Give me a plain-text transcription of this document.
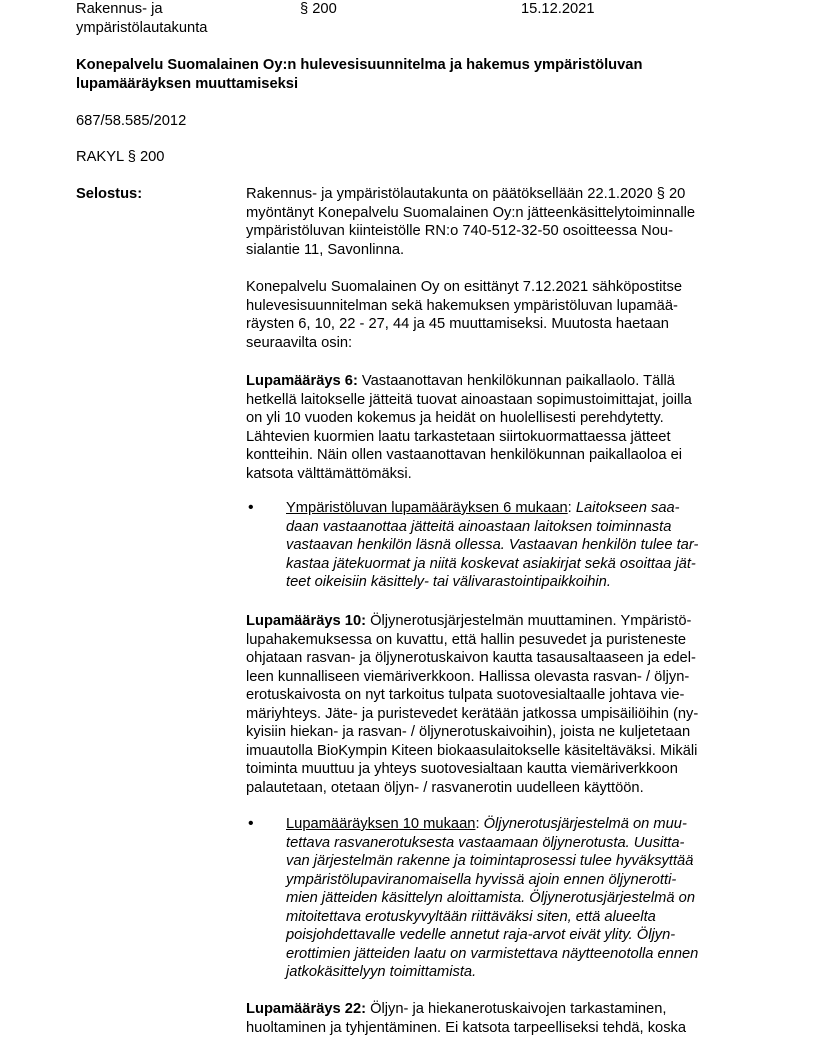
Rakennus- ja
ympäristölautakunta
§ 200	15.12.2021
Konepalvelu Suomalainen Oy:n hulevesisuunnitelma ja hakemus ympäristöluvan
lupamääräyksen muuttamiseksi
687/58.585/2012
RAKYL § 200
Selostus:	Rakennus- ja ympäristölautakunta on päätöksellään 22.1.2020 § 20
myöntänyt Konepalvelu Suomalainen Oy:n jätteenkäsittelytoiminnalle
ympäristöluvan kiinteistölle RN:o 740-512-32-50 osoitteessa Nou-
sialantie 11, Savonlinna.
Konepalvelu Suomalainen Oy on esittänyt 7.12.2021 sähköpostitse
hulevesisuunnitelman sekä hakemuksen ympäristöluvan lupamää-
räysten 6, 10, 22 - 27, 44 ja 45 muuttamiseksi. Muutosta haetaan
seuraavilta osin:
Lupamääräys 6: Vastaanottavan henkilökunnan paikallaolo. Tällä
hetkellä laitokselle jätteitä tuovat ainoastaan sopimustoimittajat, joilla
on yli 10 vuoden kokemus ja heidät on huolellisesti perehdytetty.
Lähtevien kuormien laatu tarkastetaan siirtokuormattaessa jätteet
kontteihin. Näin ollen vastaanottavan henkilökunnan paikallaoloa ei
katsota välttämättömäksi.
• Ympäristöluvan lupamääräyksen 6 mukaan: Laitokseen saa-
daan vastaanottaa jätteitä ainoastaan laitoksen toiminnasta
vastaavan henkilön läsnä ollessa. Vastaavan henkilön tulee tar-
kastaa jätekuormat ja niitä koskevat asiakirjat sekä osoittaa jät-
teet oikeisiin käsittely- tai välivarastointipaikkoihin.
Lupamääräys 10: Öljynerotusjärjestelmän muuttaminen. Ympäristö-
lupahakemuksessa on kuvattu, että hallin pesuvedet ja puristeneste
ohjataan rasvan- ja öljynerotuskaivon kautta tasausaltaaseen ja edel-
leen kunnalliseen viemäriverkkoon. Hallissa olevasta rasvan- / öljyn-
erotuskaivosta on nyt tarkoitus tulpata suotovesialtaalle johtava vie-
märiyhteys. Jäte- ja puristevedet kerätään jatkossa umpisäiliöihin (ny-
kyisiin hiekan- ja rasvan- / öljynerotuskaivoihin), joista ne kuljetetaan
imuautolla BioKympin Kiteen biokaasulaitokselle käsiteltäväksi. Mikäli
toiminta muuttuu ja yhteys suotovesialtaan kautta viemäriverkkoon
palautetaan, otetaan öljyn- / rasvanerotin uudelleen käyttöön.
• Lupamääräyksen 10 mukaan: Öljynerotusjärjestelmä on muu-
tettava rasvanerotuksesta vastaamaan öljynerotusta. Uusitta-
van järjestelmän rakenne ja toimintaprosessi tulee hyväksyttää
ympäristölupaviranomaisella hyvissä ajoin ennen öljynerotti-
mien jätteiden käsittelyn aloittamista. Öljynerotusjärjestelmä on
mitoitettava erotuskyvyltään riittäväksi siten, että alueelta
poisjohdettavalle vedelle annetut raja-arvot eivät ylity. Öljyn-
erottimien jätteiden laatu on varmistettava näytteenotolla ennen
jatkokäsittelyyn toimittamista.
Lupamääräys 22: Öljyn- ja hiekanerotuskaivojen tarkastaminen,
huoltaminen ja tyhjentäminen. Ei katsota tarpeelliseksi tehdä, koska
